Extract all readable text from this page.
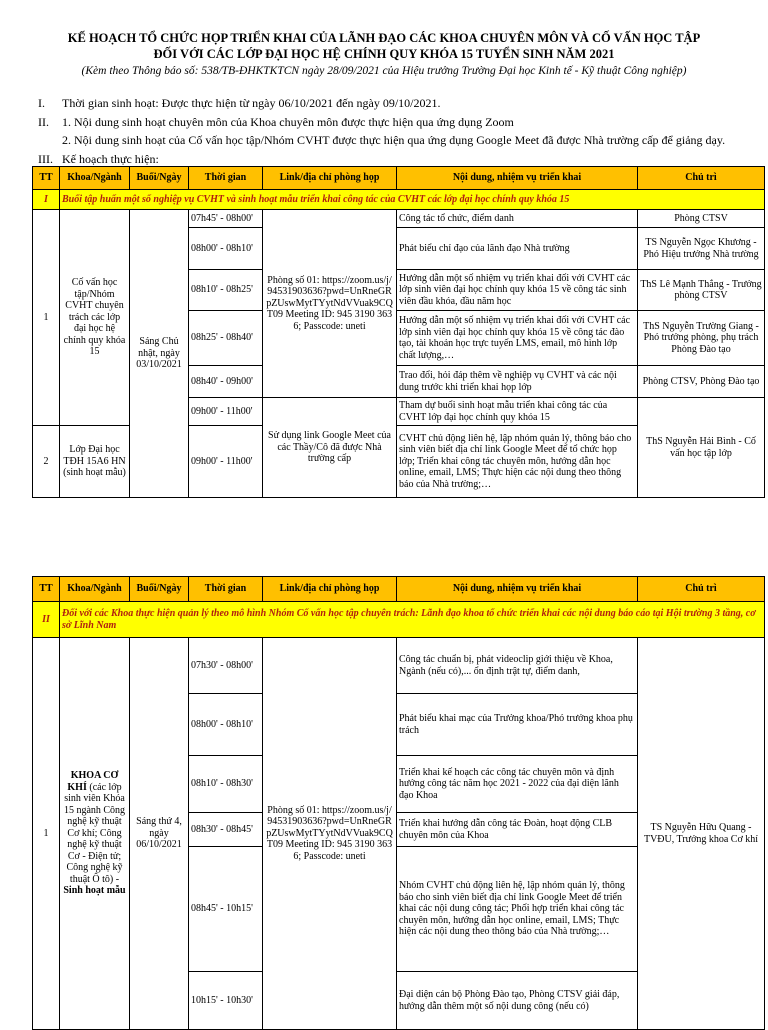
KẾ HOẠCH TỔ CHỨC HỌP TRIỂN KHAI CỦA LÃNH ĐẠO CÁC KHOA CHUYÊN MÔN VÀ CỐ VẤN HỌC TẬP
ĐỐI VỚI CÁC LỚP ĐẠI HỌC HỆ CHÍNH QUY KHÓA 15 TUYỂN SINH NĂM 2021
(Kèm theo Thông báo số: 538/TB-ĐHKTKTCN ngày 28/09/2021 của Hiệu trưởng Trường Đại học Kinh tế - Kỹ thuật Công nghiệp)
I.	Thời gian sinh hoạt: Được thực hiện từ ngày 06/10/2021 đến ngày 09/10/2021.
II.	1. Nội dung sinh hoạt chuyên môn của Khoa chuyên môn được thực hiện qua ứng dụng Zoom
2. Nội dung sinh hoạt của Cố vấn học tập/Nhóm CVHT được thực hiện qua ứng dụng Google Meet đã được Nhà trường cấp để giảng dạy.
III. Kế hoạch thực hiện:
TT	Khoa/Ngành	Buổi/Ngày	Thời gian	Link/địa chỉ phòng họp	Nội dung, nhiệm vụ triển khai	Chủ trì
I	Buổi tập huấn một số nghiệp vụ CVHT và sinh hoạt mẫu triển khai công tác của CVHT các lớp đại học chính quy khóa 15					
1	Cố vấn học tập/Nhóm CVHT chuyên trách các lớp đại học hệ chính quy khóa 15	Sáng Chủ nhật, ngày 03/10/2021	07h45' - 08h00'	Phòng số 01: https://zoom.us/j/94531903636?pwd=UnRneGRpZUswMytTYytNdVVuak9CQT09 Meeting ID: 945 3190 3636; Passcode: uneti	Công tác tổ chức, điểm danh	Phòng CTSV
			08h00' - 08h10'		Phát biểu chỉ đạo của lãnh đạo Nhà trường	TS Nguyễn Ngọc Khương - Phó Hiệu trưởng Nhà trường
			08h10' - 08h25'		Hướng dẫn một số nhiệm vụ triển khai đối với CVHT các lớp sinh viên đại học chính quy khóa 15 về công tác sinh viên đầu khóa, đầu năm học	ThS Lê Mạnh Thắng - Trưởng phòng CTSV
			08h25' - 08h40'		Hướng dẫn một số nhiệm vụ triển khai đối với CVHT các lớp sinh viên đại học chính quy khóa 15 về công tác đào tạo, tài khoản học trực tuyến LMS, email, mô hình lớp chất lượng,…	ThS Nguyễn Trường Giang - Phó trưởng phòng, phụ trách Phòng Đào tạo
			08h40' - 09h00'		Trao đổi, hỏi đáp thêm về nghiệp vụ CVHT và các nội dung trước khi triển khai họp lớp	Phòng CTSV, Phòng Đào tạo
			09h00' - 11h00'	Sử dụng link Google Meet của các Thầy/Cô đã được Nhà trường cấp	Tham dự buổi sinh hoạt mẫu triển khai công tác của CVHT lớp đại học chính quy khóa 15	ThS Nguyễn Hải Bình - Cố vấn học tập lớp
2	Lớp Đại học TĐH 15A6 HN (sinh hoạt mẫu)		09h00' - 11h00'		CVHT chủ động liên hệ, lập nhóm quản lý, thông báo cho sinh viên biết địa chỉ link Google Meet để tổ chức họp lớp; Triển khai công tác chuyên môn, hướng dẫn học online, email, LMS; Thực hiện các nội dung theo thông báo của Nhà trường;…	
TT	Khoa/Ngành	Buổi/Ngày	Thời gian	Link/địa chỉ phòng họp	Nội dung, nhiệm vụ triển khai	Chủ trì
II	Đối với các Khoa thực hiện quản lý theo mô hình Nhóm Cố vấn học tập chuyên trách: Lãnh đạo khoa tổ chức triển khai các nội dung báo cáo tại Hội trường 3 tầng, cơ sở Lĩnh Nam					
1	KHOA CƠ KHÍ (các lớp sinh viên Khóa 15 ngành Công nghệ kỹ thuật Cơ khí; Công nghệ kỹ thuật Cơ - Điện tử; Công nghệ kỹ thuật Ô tô) -
Sinh hoạt mẫu	Sáng thứ 4, ngày 06/10/2021	07h30' - 08h00'	Phòng số 01: https://zoom.us/j/94531903636?pwd=UnRneGRpZUswMytTYytNdVVuak9CQT09 Meeting ID: 945 3190 3636; Passcode: uneti	Công tác chuẩn bị, phát videoclip giới thiệu về Khoa, Ngành (nếu có),... ổn định trật tự, điểm danh,	TS Nguyễn Hữu Quang - TVĐU, Trưởng khoa Cơ khí
			08h00' - 08h10'		Phát biểu khai mạc của Trưởng khoa/Phó trưởng khoa phụ trách	
			08h10' - 08h30'		Triển khai kế hoạch các công tác chuyên môn và định hướng công tác năm học 2021 - 2022 của đại diện lãnh đạo Khoa	
			08h30' - 08h45'		Triển khai hướng dẫn công tác Đoàn, hoạt động CLB chuyên môn của Khoa	
			08h45' - 10h15'		Nhóm CVHT chủ động liên hệ, lập nhóm quản lý, thông báo cho sinh viên biết địa chỉ link Google Meet để triển khai các nội dung công tác; Phối hợp triển khai công tác chuyên môn, hướng dẫn học online, email, LMS; Thực hiện các nội dung theo thông báo của Nhà trường;…	
			10h15' - 10h30'		Đại diện cán bộ Phòng Đào tạo, Phòng CTSV giải đáp, hướng dẫn thêm một số nội dung công (nếu có)	
